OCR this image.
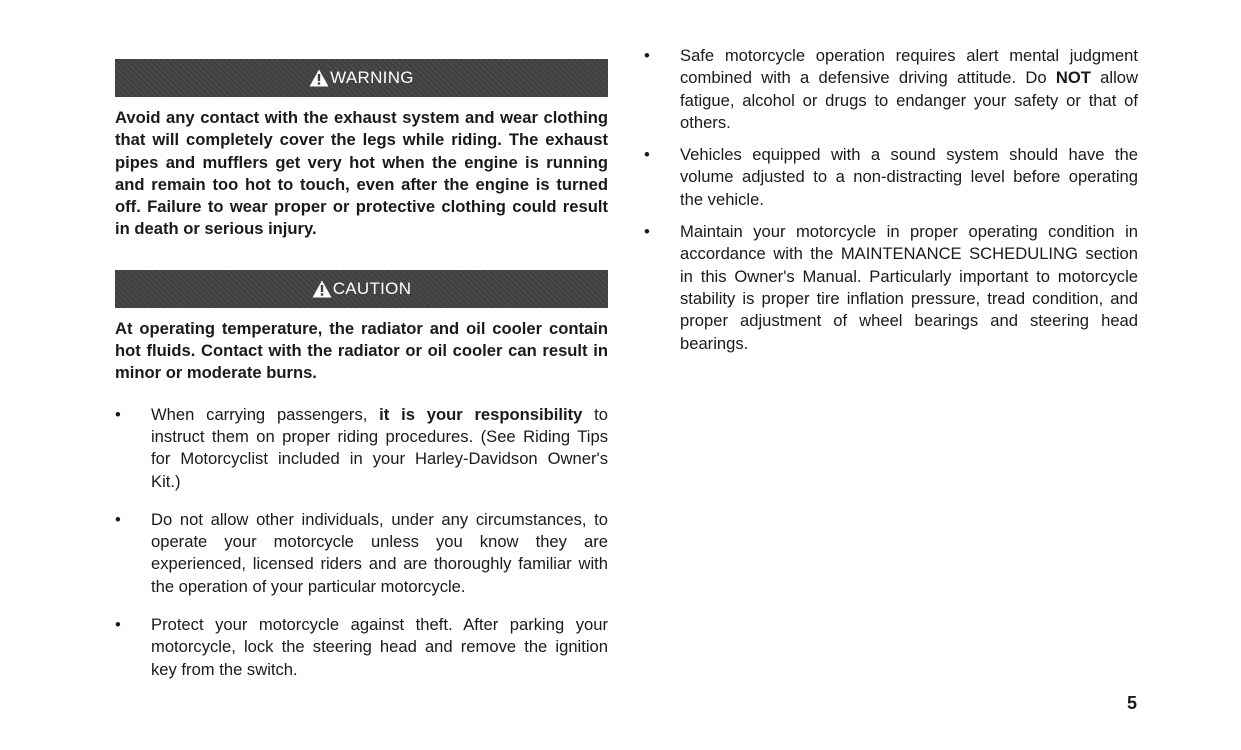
WARNING
Avoid any contact with the exhaust system and wear clothing that will completely cover the legs while riding. The exhaust pipes and mufflers get very hot when the engine is running and remain too hot to touch, even after the engine is turned off. Failure to wear proper or protective clothing could result in death or serious injury.
CAUTION
At operating temperature, the radiator and oil cooler contain hot fluids. Contact with the radiator or oil cooler can result in minor or moderate burns.
• When carrying passengers, it is your responsibility to instruct them on proper riding procedures. (See Riding Tips for Motorcyclist included in your Harley-Davidson Owner's Kit.)
• Do not allow other individuals, under any circumstances, to operate your motorcycle unless you know they are experienced, licensed riders and are thoroughly familiar with the operation of your particular motorcycle.
• Protect your motorcycle against theft. After parking your motorcycle, lock the steering head and remove the ignition key from the switch.
• Safe motorcycle operation requires alert mental judgment combined with a defensive driving attitude. Do NOT allow fatigue, alcohol or drugs to endanger your safety or that of others.
• Vehicles equipped with a sound system should have the volume adjusted to a non-distracting level before operating the vehicle.
• Maintain your motorcycle in proper operating condition in accordance with the MAINTENANCE SCHEDULING section in this Owner's Manual. Particularly important to motorcycle stability is proper tire inflation pressure, tread condition, and proper adjustment of wheel bearings and steering head bearings.
5
